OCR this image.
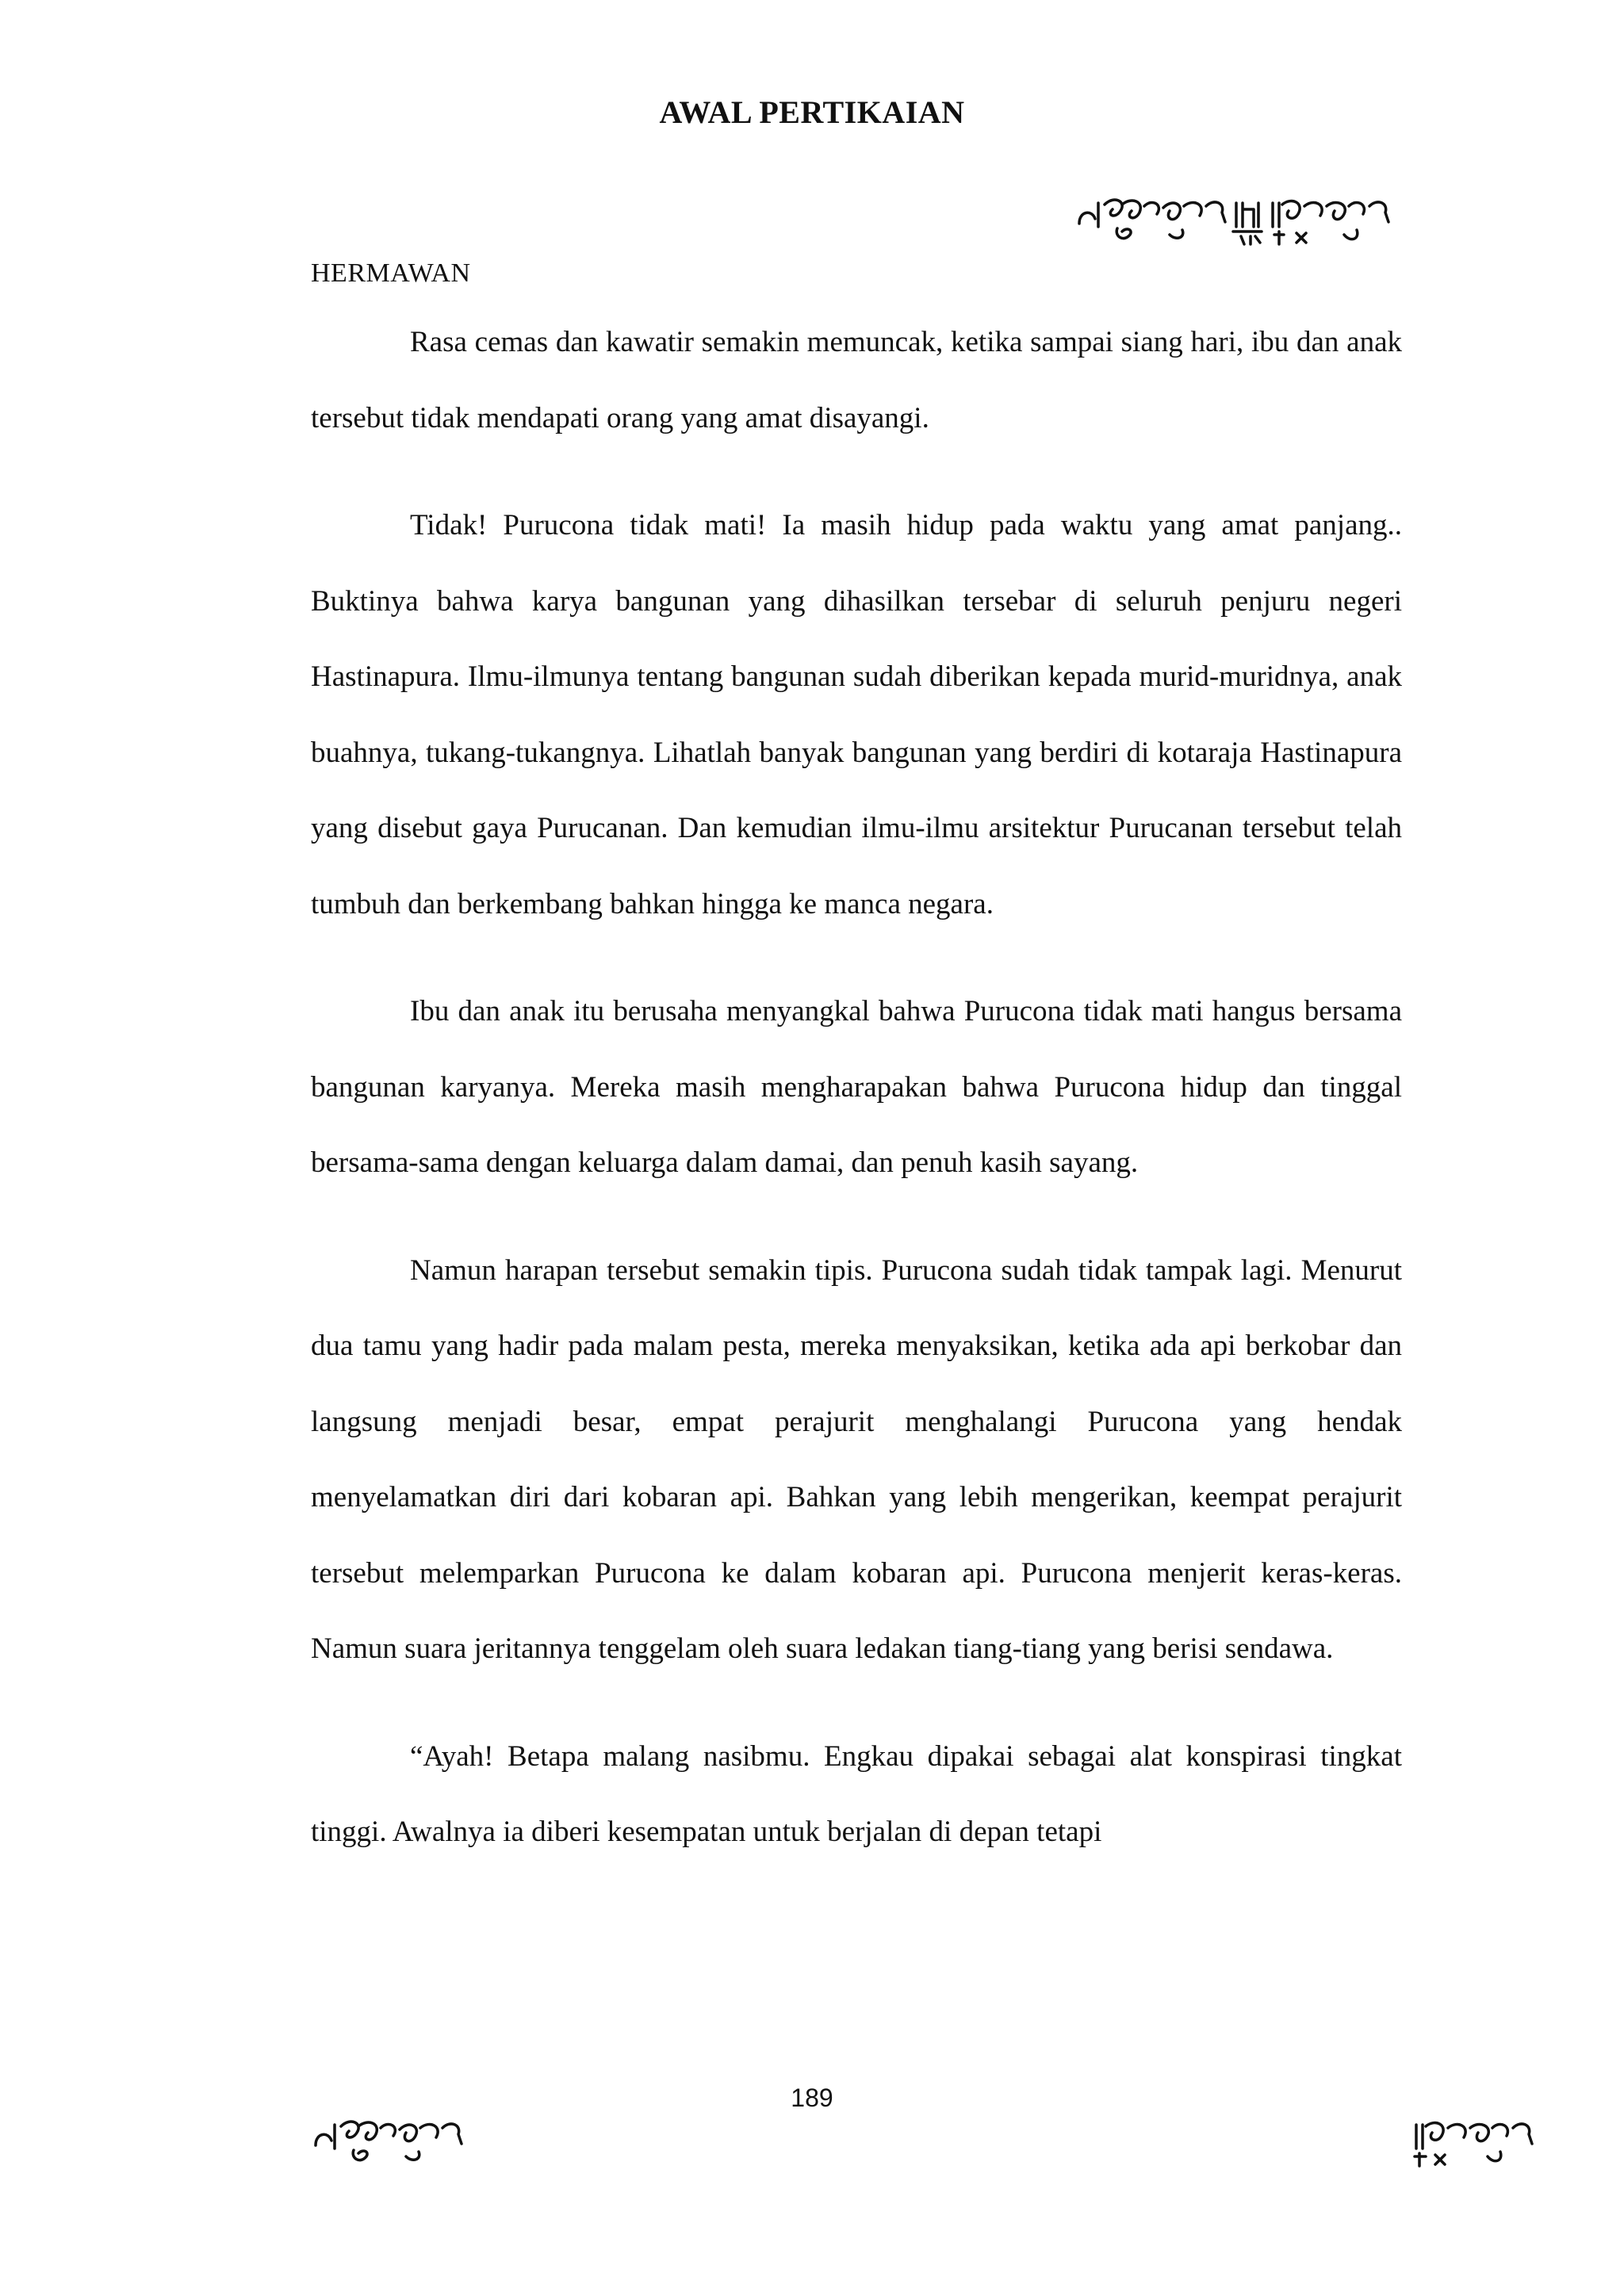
AWAL PERTIKAIAN
HERMAWAN

Rasa cemas dan kawatir semakin memuncak, ketika sampai siang hari, ibu dan anak tersebut tidak mendapati orang yang amat disayangi.

Tidak! Purucona tidak mati! Ia masih hidup pada waktu yang amat panjang.. Buktinya bahwa karya bangunan yang dihasilkan tersebar di seluruh penjuru negeri Hastinapura. Ilmu-ilmunya tentang bangunan sudah diberikan kepada murid-muridnya, anak buahnya, tukang-tukangnya. Lihatlah banyak bangunan yang berdiri di kotaraja Hastinapura yang disebut gaya Purucanan. Dan kemudian ilmu-ilmu arsitektur Purucanan tersebut telah tumbuh dan berkembang bahkan hingga ke manca negara.

Ibu dan anak itu berusaha menyangkal bahwa Purucona tidak mati hangus bersama bangunan karyanya. Mereka masih mengharapakan bahwa Purucona hidup dan tinggal bersama-sama dengan keluarga dalam damai, dan penuh kasih sayang.

Namun harapan tersebut semakin tipis. Purucona sudah tidak tampak lagi. Menurut dua tamu yang hadir pada malam pesta, mereka menyaksikan, ketika ada api berkobar dan langsung menjadi besar, empat perajurit menghalangi Purucona yang hendak menyelamatkan diri dari kobaran api. Bahkan yang lebih mengerikan, keempat perajurit tersebut melemparkan Purucona ke dalam kobaran api. Purucona menjerit keras-keras. Namun suara jeritannya tenggelam oleh suara ledakan tiang-tiang yang berisi sendawa.

“Ayah! Betapa malang nasibmu. Engkau dipakai sebagai alat konspirasi tingkat tinggi. Awalnya ia diberi kesempatan untuk berjalan di depan tetapi

189
